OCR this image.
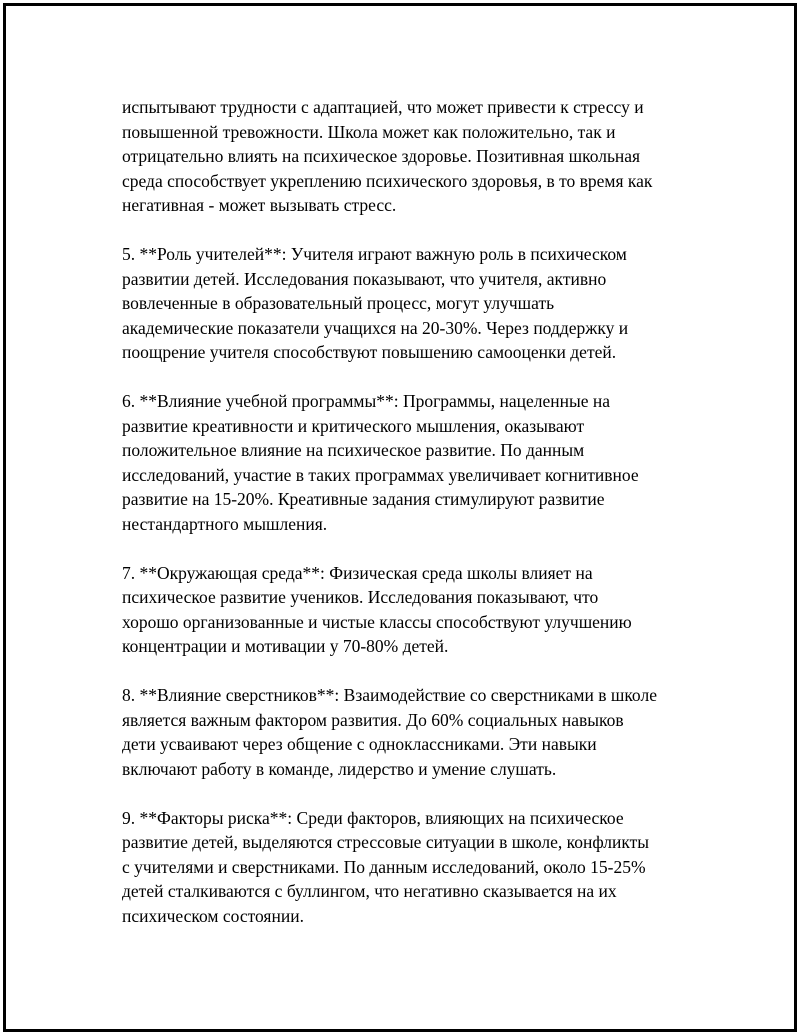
испытывают трудности с адаптацией, что может привести к стрессу и
повышенной тревожности. Школа может как положительно, так и
отрицательно влиять на психическое здоровье. Позитивная школьная
среда способствует укреплению психического здоровья, в то время как
негативная - может вызывать стресс.

5. **Роль учителей**: Учителя играют важную роль в психическом
развитии детей. Исследования показывают, что учителя, активно
вовлеченные в образовательный процесс, могут улучшать
академические показатели учащихся на 20-30%. Через поддержку и
поощрение учителя способствуют повышению самооценки детей.

6. **Влияние учебной программы**: Программы, нацеленные на
развитие креативности и критического мышления, оказывают
положительное влияние на психическое развитие. По данным
исследований, участие в таких программах увеличивает когнитивное
развитие на 15-20%. Креативные задания стимулируют развитие
нестандартного мышления.

7. **Окружающая среда**: Физическая среда школы влияет на
психическое развитие учеников. Исследования показывают, что
хорошо организованные и чистые классы способствуют улучшению
концентрации и мотивации у 70-80% детей.

8. **Влияние сверстников**: Взаимодействие со сверстниками в школе
является важным фактором развития. До 60% социальных навыков
дети усваивают через общение с одноклассниками. Эти навыки
включают работу в команде, лидерство и умение слушать.

9. **Факторы риска**: Среди факторов, влияющих на психическое
развитие детей, выделяются стрессовые ситуации в школе, конфликты
с учителями и сверстниками. По данным исследований, около 15-25%
детей сталкиваются с буллингом, что негативно сказывается на их
психическом состоянии.
